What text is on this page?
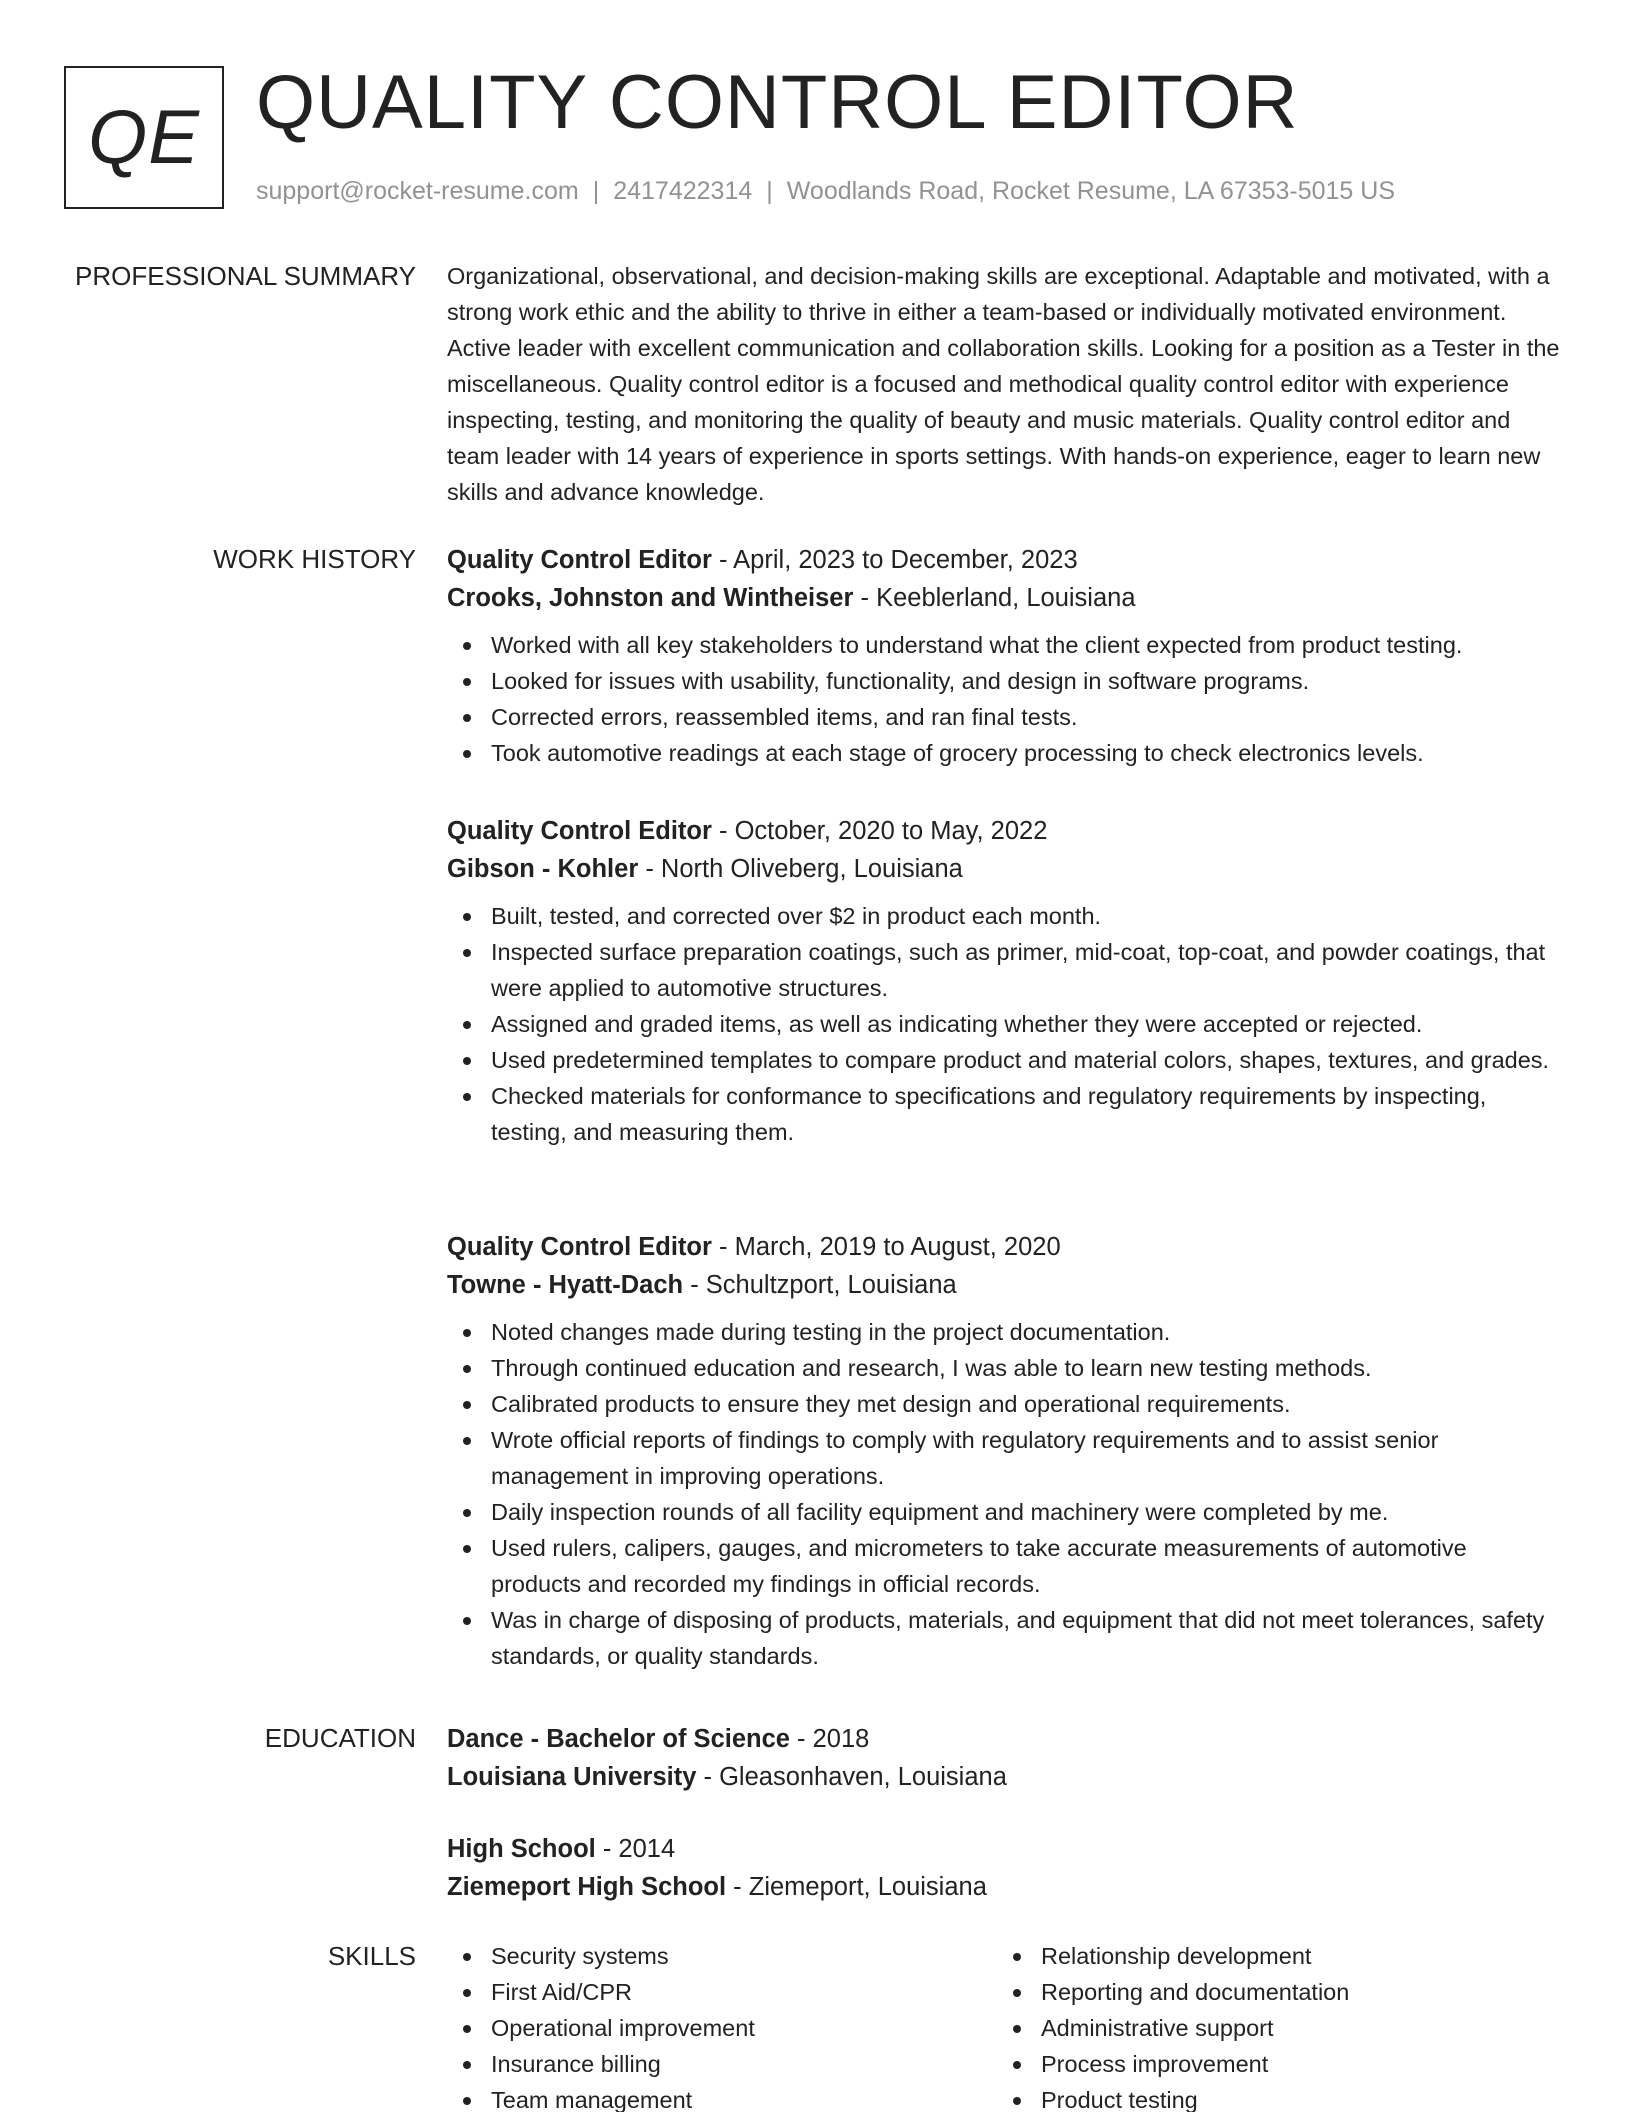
QE QUALITY CONTROL EDITOR
support@rocket-resume.com | 2417422314 | Woodlands Road, Rocket Resume, LA 67353-5015 US
PROFESSIONAL SUMMARY Organizational, observational, and decision-making skills are exceptional. Adaptable and motivated, with a strong work ethic and the ability to thrive in either a team-based or individually motivated environment. Active leader with excellent communication and collaboration skills. Looking for a position as a Tester in the miscellaneous. Quality control editor is a focused and methodical quality control editor with experience inspecting, testing, and monitoring the quality of beauty and music materials. Quality control editor and team leader with 14 years of experience in sports settings. With hands-on experience, eager to learn new skills and advance knowledge.

WORK HISTORY Quality Control Editor - April, 2023 to December, 2023
Crooks, Johnston and Wintheiser - Keeblerland, Louisiana
Worked with all key stakeholders to understand what the client expected from product testing.
Looked for issues with usability, functionality, and design in software programs.
Corrected errors, reassembled items, and ran final tests.
Took automotive readings at each stage of grocery processing to check electronics levels.
Quality Control Editor - October, 2020 to May, 2022
Gibson - Kohler - North Oliveberg, Louisiana
Built, tested, and corrected over $2 in product each month.
Inspected surface preparation coatings, such as primer, mid-coat, top-coat, and powder coatings, that were applied to automotive structures.
Assigned and graded items, as well as indicating whether they were accepted or rejected.
Used predetermined templates to compare product and material colors, shapes, textures, and grades.
Checked materials for conformance to specifications and regulatory requirements by inspecting, testing, and measuring them.
Quality Control Editor - March, 2019 to August, 2020
Towne - Hyatt-Dach - Schultzport, Louisiana
Noted changes made during testing in the project documentation.
Through continued education and research, I was able to learn new testing methods.
Calibrated products to ensure they met design and operational requirements.
Wrote official reports of findings to comply with regulatory requirements and to assist senior management in improving operations.
Daily inspection rounds of all facility equipment and machinery were completed by me.
Used rulers, calipers, gauges, and micrometers to take accurate measurements of automotive products and recorded my findings in official records.
Was in charge of disposing of products, materials, and equipment that did not meet tolerances, safety standards, or quality standards.
EDUCATION Dance - Bachelor of Science - 2018
Louisiana University - Gleasonhaven, Louisiana
High School - 2014
Ziemeport High School - Ziemeport, Louisiana
SKILLS	Security systems
First Aid/CPR
Operational improvement
Insurance billing
Team management
Relationship development
Reporting and documentation
Administrative support
Process improvement
Product testing
